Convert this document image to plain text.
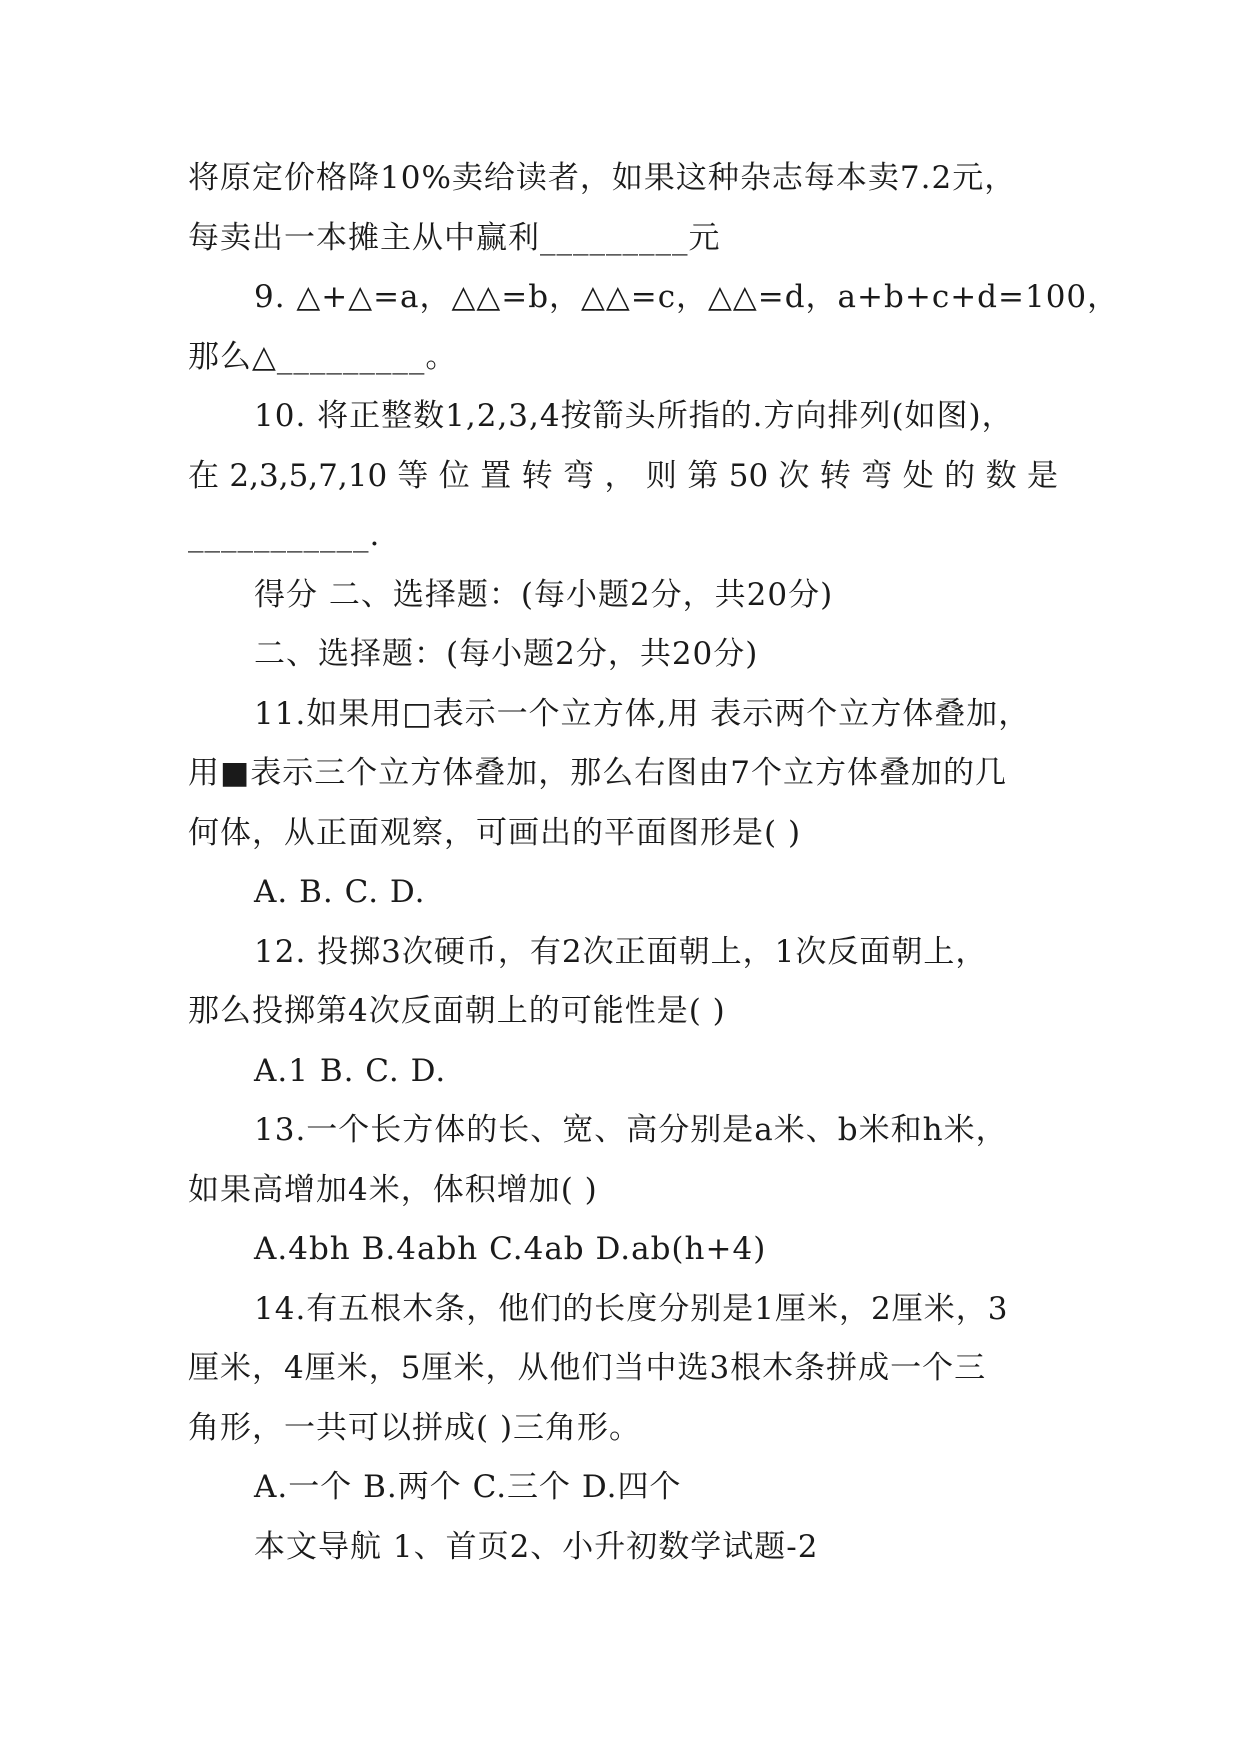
将原定价格降10%卖给读者，如果这种杂志每本卖7.2元，
每卖出一本摊主从中赢利_________元
9. △+△=a，△△=b，△△=c，△△=d，a+b+c+d=100，
那么△_________。
10. 将正整数1,2,3,4按箭头所指的.方向排列(如图)，
在 2,3,5,7,10 等 位 置 转 弯 ， 则 第 50 次 转 弯 处 的 数 是
___________.
得分 二、选择题：(每小题2分，共20分)
二、选择题：(每小题2分，共20分)
11.如果用□表示一个立方体,用 表示两个立方体叠加，
用■表示三个立方体叠加，那么右图由7个立方体叠加的几
何体，从正面观察，可画出的平面图形是( )
A. B. C. D.
12. 投掷3次硬币，有2次正面朝上，1次反面朝上，
那么投掷第4次反面朝上的可能性是( )
A.1 B. C. D.
13.一个长方体的长、宽、高分别是a米、b米和h米，
如果高增加4米，体积增加( )
A.4bh B.4abh C.4ab D.ab(h+4)
14.有五根木条，他们的长度分别是1厘米，2厘米，3
厘米，4厘米，5厘米，从他们当中选3根木条拼成一个三
角形，一共可以拼成( )三角形。
A.一个 B.两个 C.三个 D.四个
本文导航 1、首页2、小升初数学试题-2
